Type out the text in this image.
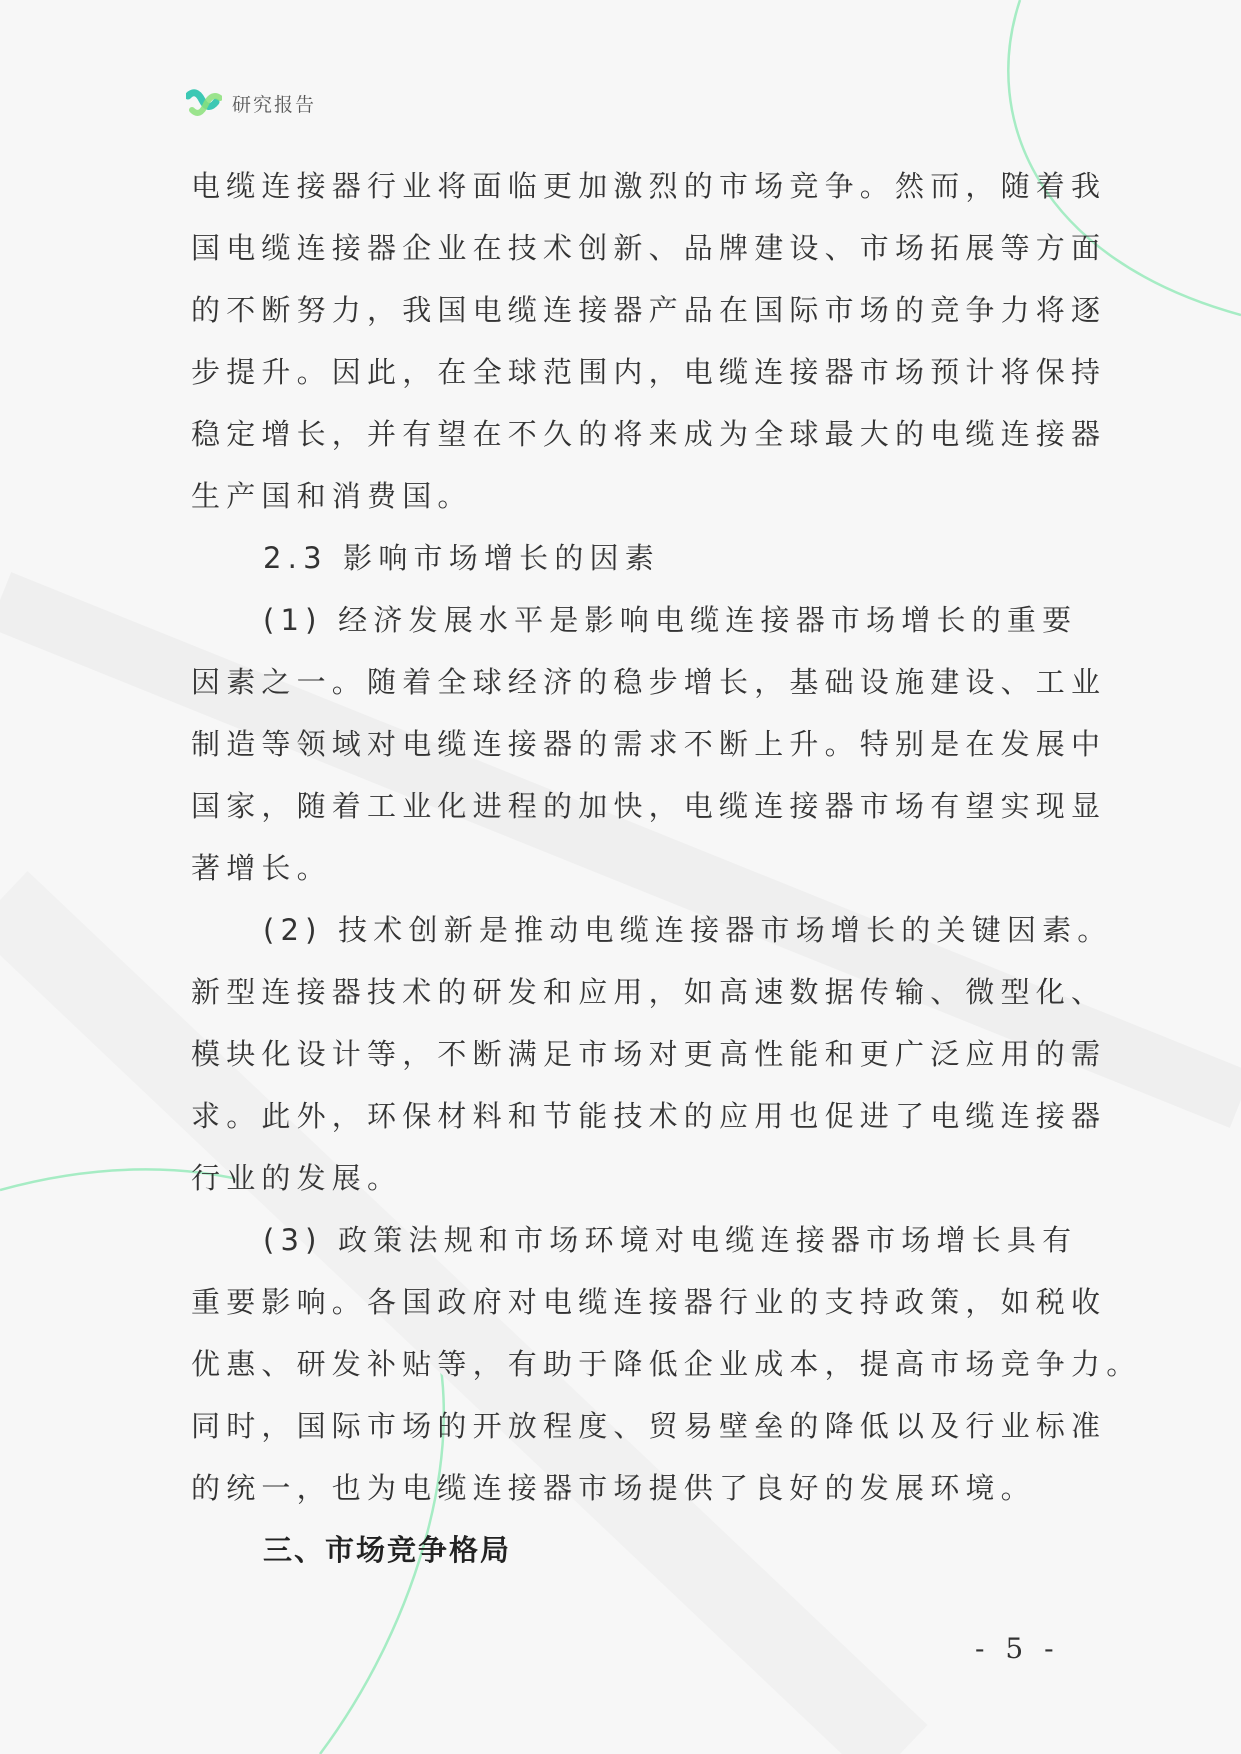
研究报告
电缆连接器行业将面临更加激烈的市场竞争。然而，随着我
国电缆连接器企业在技术创新、品牌建设、市场拓展等方面
的不断努力，我国电缆连接器产品在国际市场的竞争力将逐
步提升。因此，在全球范围内，电缆连接器市场预计将保持
稳定增长，并有望在不久的将来成为全球最大的电缆连接器
生产国和消费国。
2.3 影响市场增长的因素
(1) 经济发展水平是影响电缆连接器市场增长的重要
因素之一。随着全球经济的稳步增长，基础设施建设、工业
制造等领域对电缆连接器的需求不断上升。特别是在发展中
国家，随着工业化进程的加快，电缆连接器市场有望实现显
著增长。
(2) 技术创新是推动电缆连接器市场增长的关键因素。
新型连接器技术的研发和应用，如高速数据传输、微型化、
模块化设计等，不断满足市场对更高性能和更广泛应用的需
求。此外，环保材料和节能技术的应用也促进了电缆连接器
行业的发展。
(3) 政策法规和市场环境对电缆连接器市场增长具有
重要影响。各国政府对电缆连接器行业的支持政策，如税收
优惠、研发补贴等，有助于降低企业成本，提高市场竞争力。
同时，国际市场的开放程度、贸易壁垒的降低以及行业标准
的统一，也为电缆连接器市场提供了良好的发展环境。
三、市场竞争格局
- 5 -
